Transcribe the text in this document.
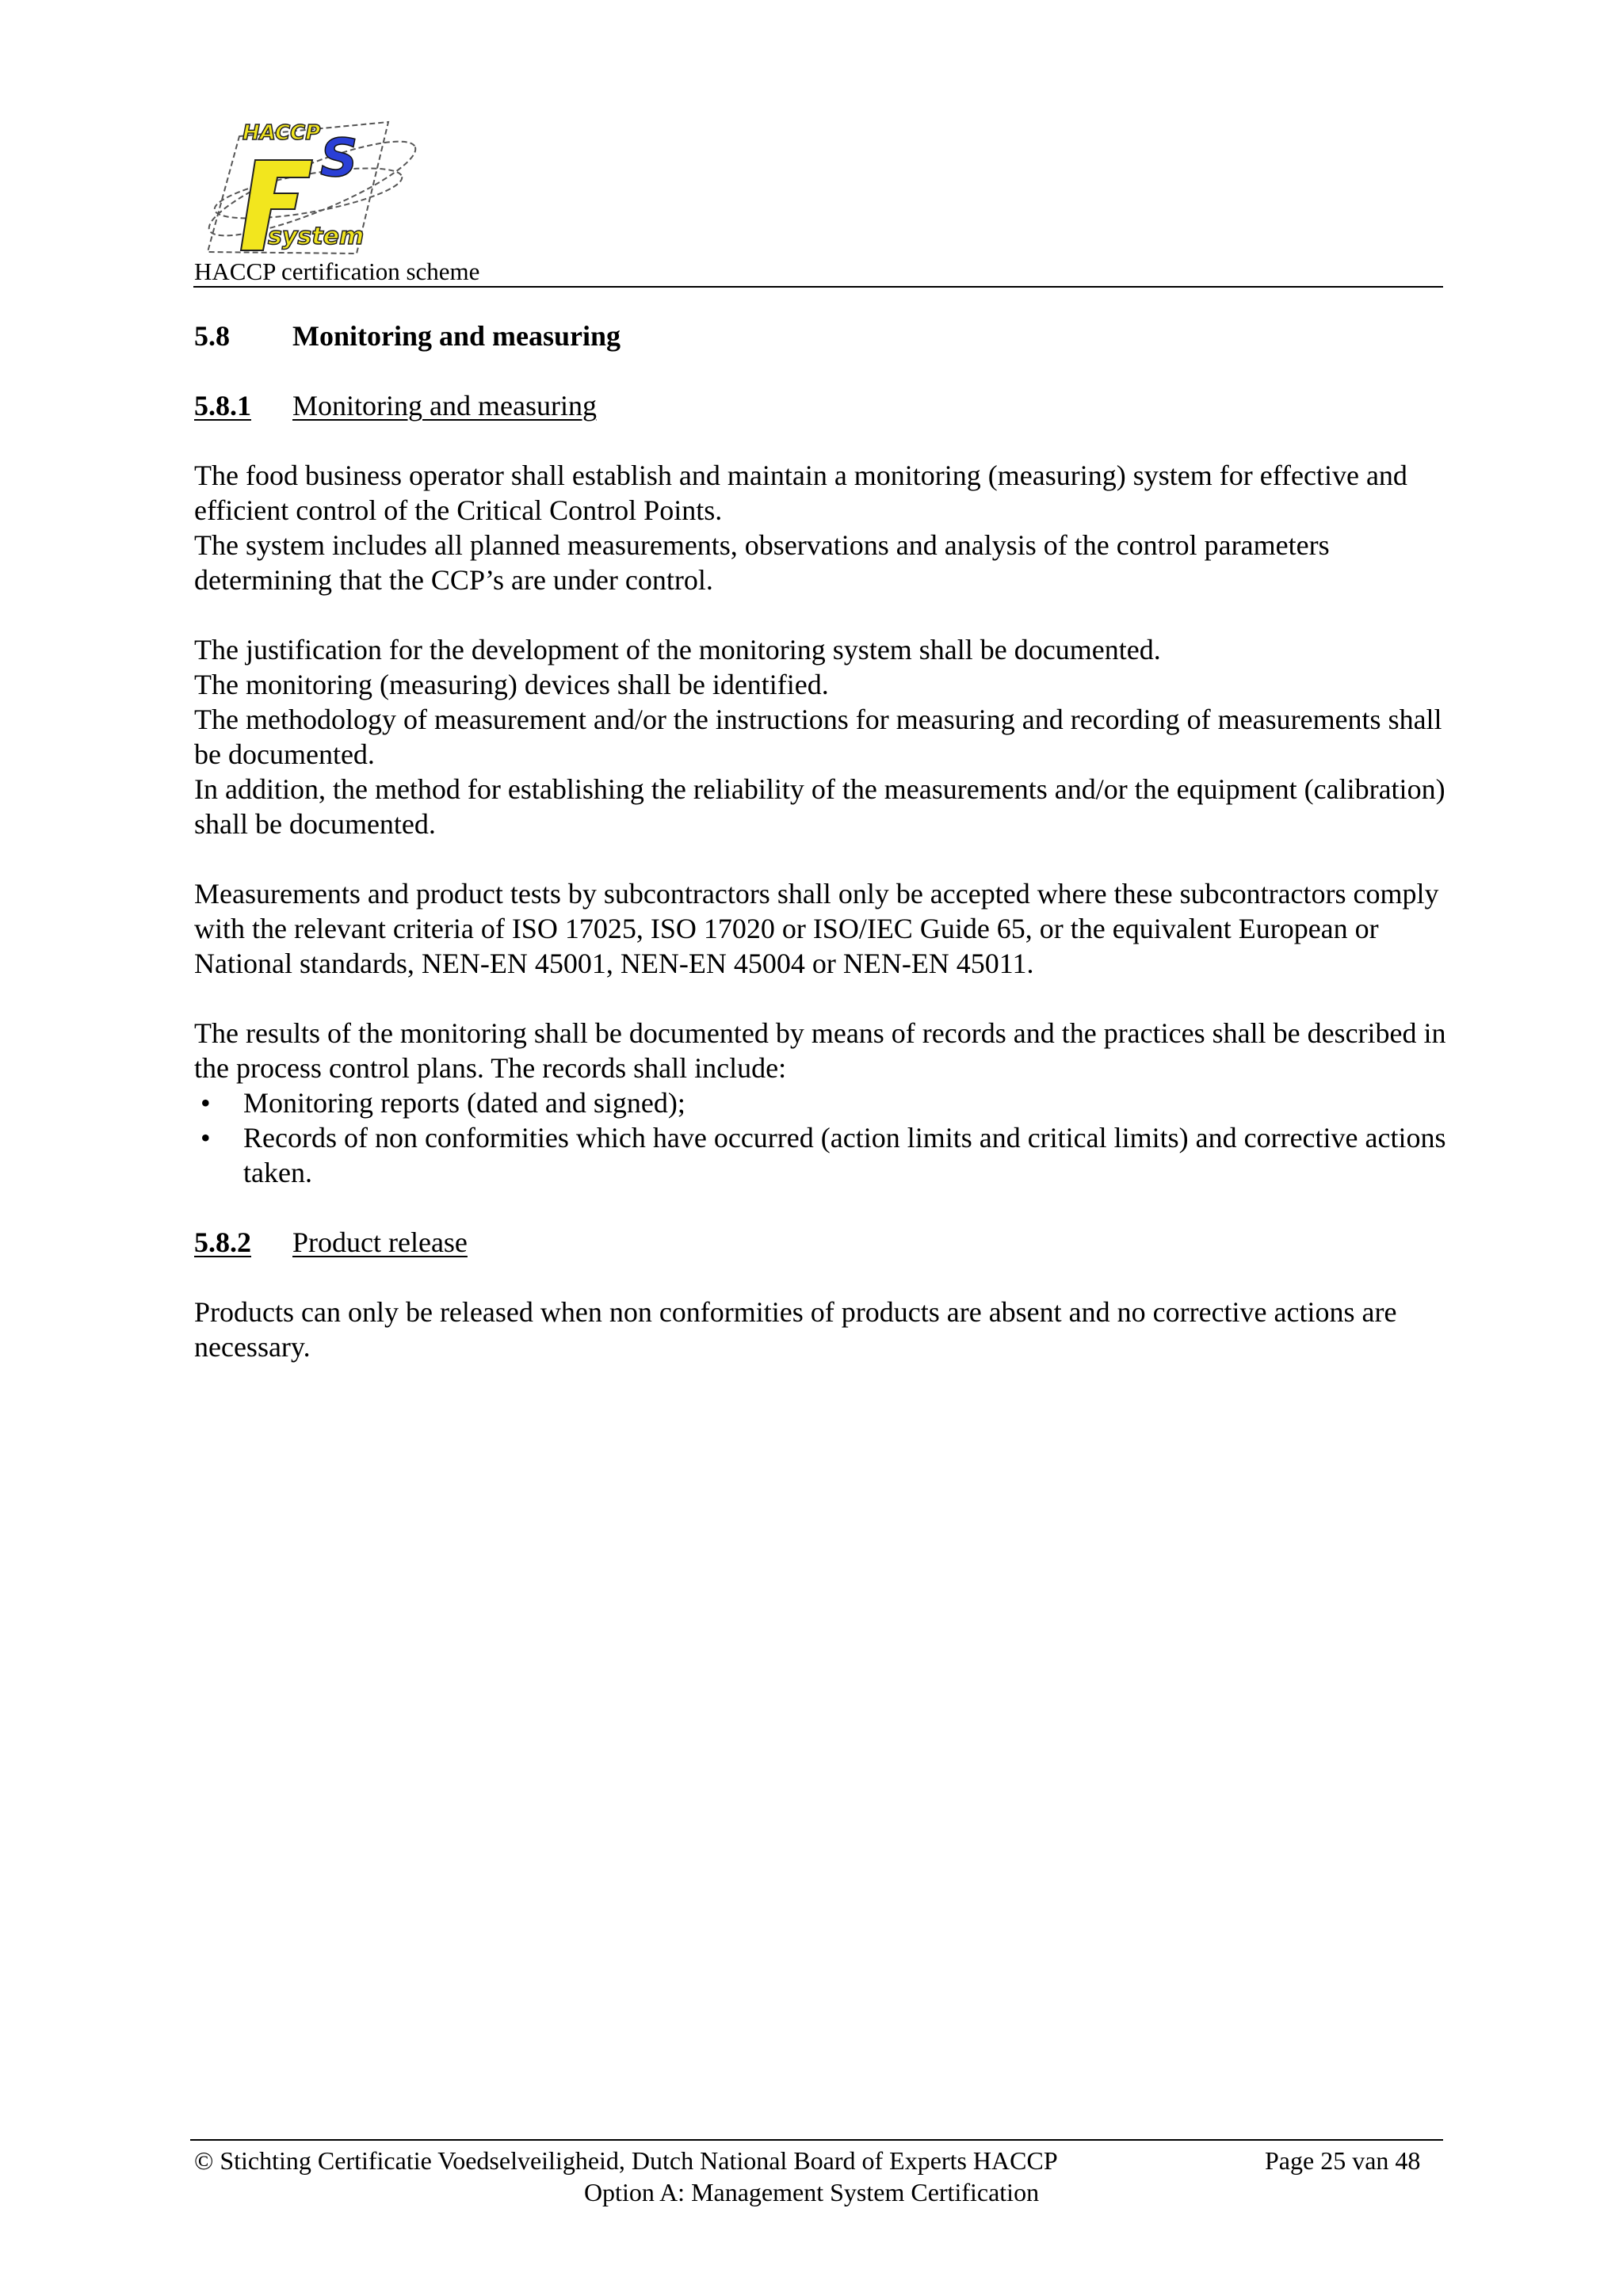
S
HACCP
system
HACCP certification scheme
5.8 Monitoring and measuring
5.8.1 Monitoring and measuring

The food business operator shall establish and maintain a monitoring (measuring) system for effective and efficient control of the Critical Control Points.

The system includes all planned measurements, observations and analysis of the control parameters determining that the CCP’s are under control.

The justification for the development of the monitoring system shall be documented.

The monitoring (measuring) devices shall be identified.

The methodology of measurement and/or the instructions for measuring and recording of measurements shall be documented.

In addition, the method for establishing the reliability of the measurements and/or the equipment (calibration) shall be documented.

Measurements and product tests by subcontractors shall only be accepted where these subcontractors comply with the relevant criteria of ISO 17025, ISO 17020 or ISO/IEC Guide 65, or the equivalent European or National standards, NEN-EN 45001, NEN-EN 45004 or NEN-EN 45011.

The results of the monitoring shall be documented by means of records and the practices shall be described in the process control plans. The records shall include:

• Monitoring reports (dated and signed);
• Records of non conformities which have occurred (action limits and critical limits) and corrective actions taken.
5.8.2 Product release

Products can only be released when non conformities of products are absent and no corrective actions are necessary.

© Stichting Certificatie Voedselveiligheid, Dutch National Board of Experts HACCP	Page 25 van 48
Option A: Management System Certification
